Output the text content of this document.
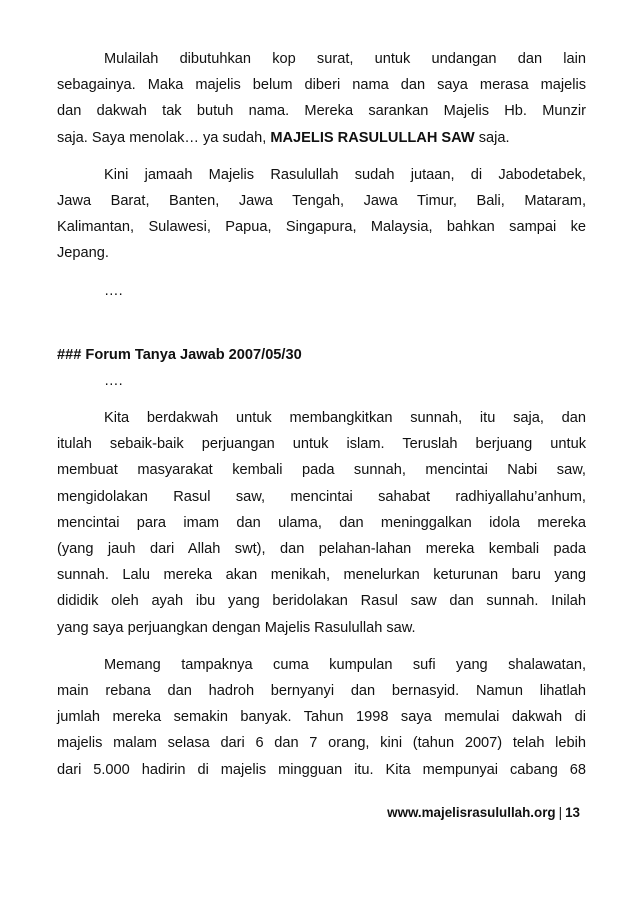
Mulailah dibutuhkan kop surat, untuk undangan dan lain
sebagainya. Maka majelis belum diberi nama dan saya merasa majelis
dan dakwah tak butuh nama. Mereka sarankan Majelis Hb. Munzir
saja. Saya menolak… ya sudah, MAJELIS RASULULLAH SAW saja.
Kini jamaah Majelis Rasulullah sudah jutaan, di Jabodetabek,
Jawa Barat, Banten, Jawa Tengah, Jawa Timur, Bali, Mataram,
Kalimantan, Sulawesi, Papua, Singapura, Malaysia, bahkan sampai ke
Jepang.
….
### Forum Tanya Jawab 2007/05/30
….
Kita berdakwah untuk membangkitkan sunnah, itu saja, dan
itulah sebaik-baik perjuangan untuk islam. Teruslah berjuang untuk
membuat masyarakat kembali pada sunnah, mencintai Nabi saw,
mengidolakan Rasul saw, mencintai sahabat radhiyallahu’anhum,
mencintai para imam dan ulama, dan meninggalkan idola mereka
(yang jauh dari Allah swt), dan pelahan-lahan mereka kembali pada
sunnah. Lalu mereka akan menikah, menelurkan keturunan baru yang
dididik oleh ayah ibu yang beridolakan Rasul saw dan sunnah. Inilah
yang saya perjuangkan dengan Majelis Rasulullah saw.
Memang tampaknya cuma kumpulan sufi yang shalawatan,
main rebana dan hadroh bernyanyi dan bernasyid. Namun lihatlah
jumlah mereka semakin banyak. Tahun 1998 saya memulai dakwah di
majelis malam selasa dari 6 dan 7 orang, kini (tahun 2007) telah lebih
dari 5.000 hadirin di majelis mingguan itu. Kita mempunyai cabang 68
www.majelisrasulullah.org | 13
